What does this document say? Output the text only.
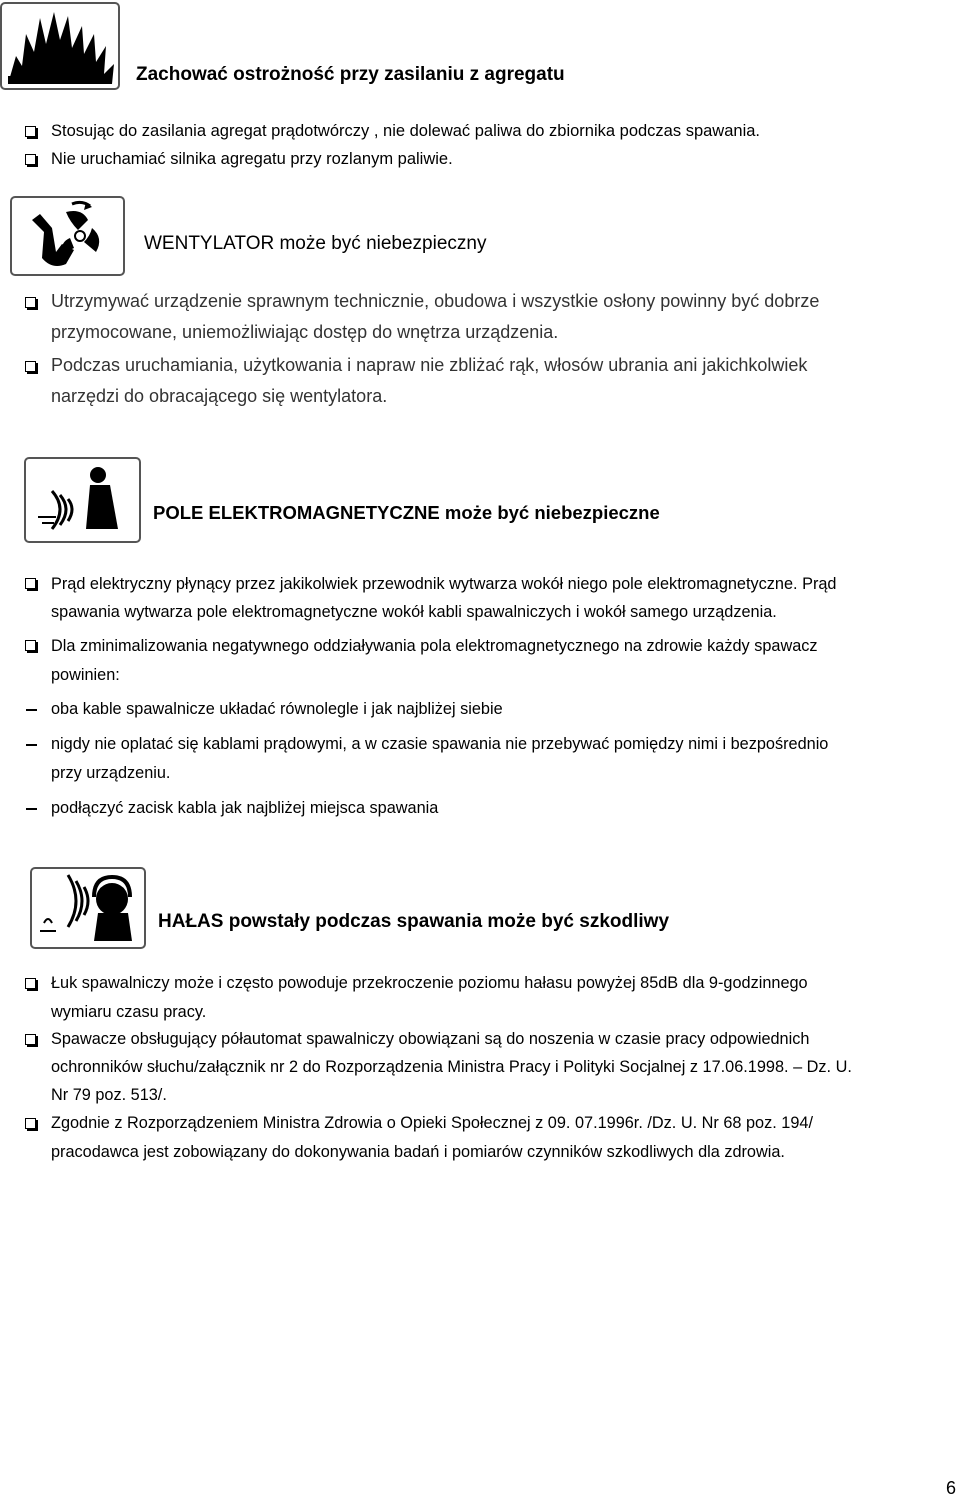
Zachować ostrożność przy zasilaniu z agregatu
Stosując do zasilania agregat prądotwórczy , nie dolewać paliwa do zbiornika podczas spawania.
Nie uruchamiać silnika agregatu przy rozlanym paliwie.
WENTYLATOR może być niebezpieczny
Utrzymywać urządzenie sprawnym technicznie, obudowa i wszystkie osłony powinny być dobrze
przymocowane, uniemożliwiając dostęp do wnętrza urządzenia.
Podczas uruchamiania, użytkowania i napraw nie zbliżać rąk, włosów ubrania ani jakichkolwiek
narzędzi do obracającego się wentylatora.
POLE ELEKTROMAGNETYCZNE może być niebezpieczne
Prąd elektryczny płynący przez jakikolwiek przewodnik wytwarza wokół niego pole elektromagnetyczne. Prąd
spawania wytwarza pole elektromagnetyczne wokół kabli spawalniczych i wokół samego urządzenia.
Dla zminimalizowania negatywnego oddziaływania pola elektromagnetycznego na zdrowie każdy spawacz
powinien:
oba kable spawalnicze układać równolegle i jak najbliżej siebie
nigdy nie oplatać się kablami prądowymi, a w czasie spawania nie przebywać pomiędzy nimi i bezpośrednio
przy urządzeniu.
podłączyć zacisk kabla jak najbliżej miejsca spawania
HAŁAS powstały podczas spawania może być szkodliwy
Łuk spawalniczy może i często powoduje przekroczenie poziomu hałasu powyżej 85dB dla 9-godzinnego
wymiaru czasu pracy.
Spawacze obsługujący półautomat spawalniczy obowiązani są do noszenia w czasie pracy odpowiednich
ochronników słuchu/załącznik nr 2 do Rozporządzenia Ministra Pracy i Polityki Socjalnej z 17.06.1998. – Dz. U.
Nr 79 poz. 513/.
Zgodnie z Rozporządzeniem Ministra Zdrowia o Opieki Społecznej z 09. 07.1996r. /Dz. U. Nr 68 poz. 194/
pracodawca jest zobowiązany do dokonywania badań i pomiarów czynników szkodliwych dla zdrowia.
6
